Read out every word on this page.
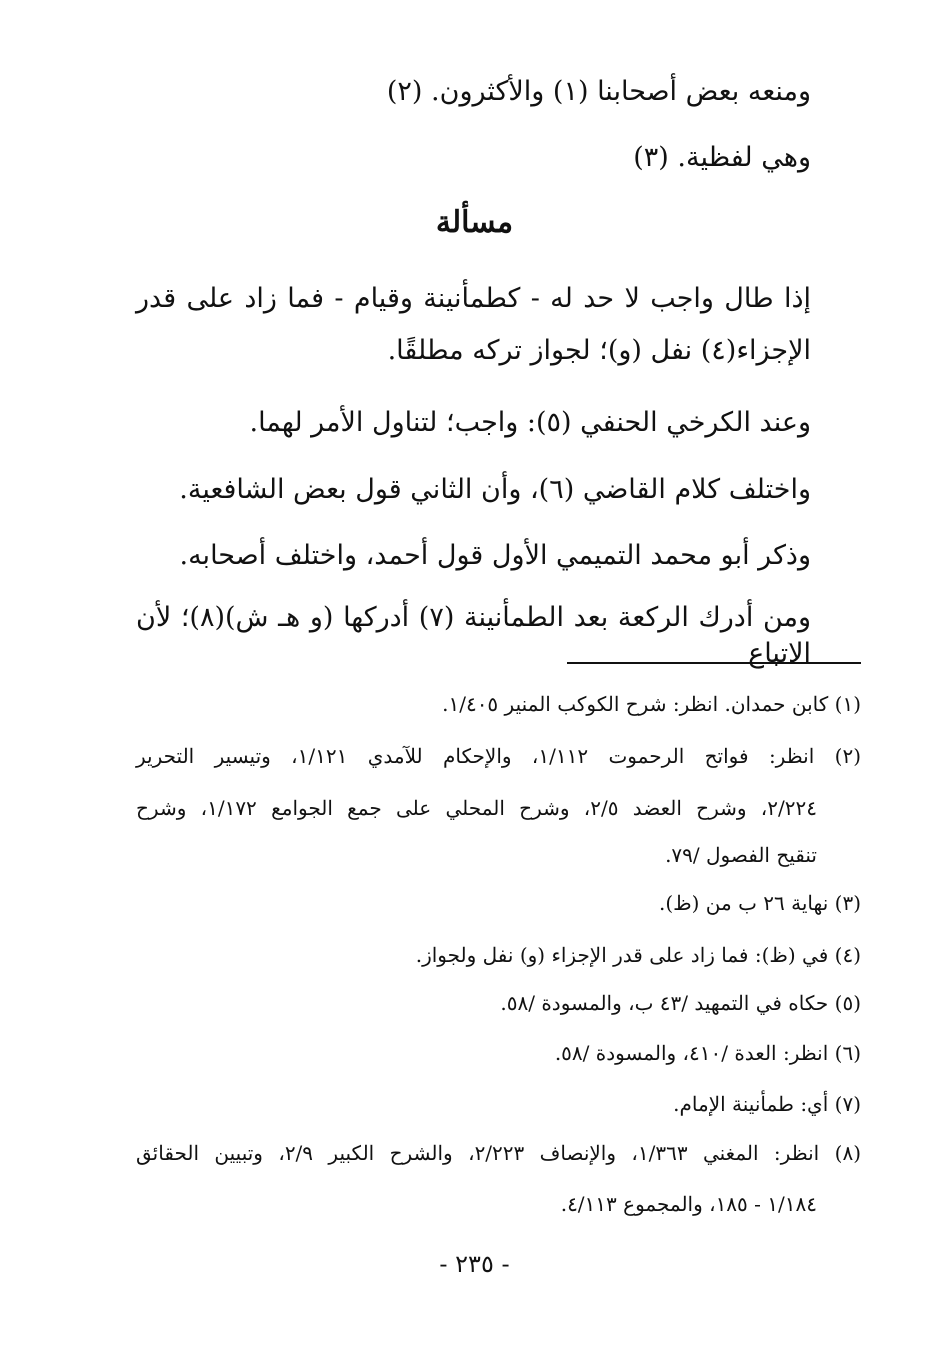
ومنعه بعض أصحابنا (١) والأكثرون. (٢)
وهي لفظية. (٣)
مسألة
إذا طال واجب لا حد له - كطمأنينة وقيام - فما زاد على قدر
الإجزاء(٤) نفل (و)؛ لجواز تركه مطلقًا.
وعند الكرخي الحنفي (٥): واجب؛ لتناول الأمر لهما.
واختلف كلام القاضي (٦)، وأن الثاني قول بعض الشافعية.
وذكر أبو محمد التميمي الأول قول أحمد، واختلف أصحابه.
ومن أدرك الركعة بعد الطمأنينة (٧) أدركها (و هـ ش)(٨)؛ لأن الاتباع
(١) كابن حمدان. انظر: شرح الكوكب المنير ١/٤٠٥.
(٢) انظر: فواتح الرحموت ١/١١٢، والإحكام للآمدي ١/١٢١، وتيسير التحرير
٢/٢٢٤، وشرح العضد ٢/٥، وشرح المحلي على جمع الجوامع ١/١٧٢، وشرح
تنقيح الفصول /٧٩.
(٣) نهاية ٢٦ ب من (ظ).
(٤) في (ظ): فما زاد على قدر الإجزاء (و) نفل ولجواز.
(٥) حكاه في التمهيد /٤٣ ب، والمسودة /٥٨.
(٦) انظر: العدة /٤١٠، والمسودة /٥٨.
(٧) أي: طمأنينة الإمام.
(٨) انظر: المغني ١/٣٦٣، والإنصاف ٢/٢٢٣، والشرح الكبير ٢/٩، وتبيين الحقائق
١/١٨٤ - ١٨٥، والمجموع ٤/١١٣.
- ٢٣٥ -
